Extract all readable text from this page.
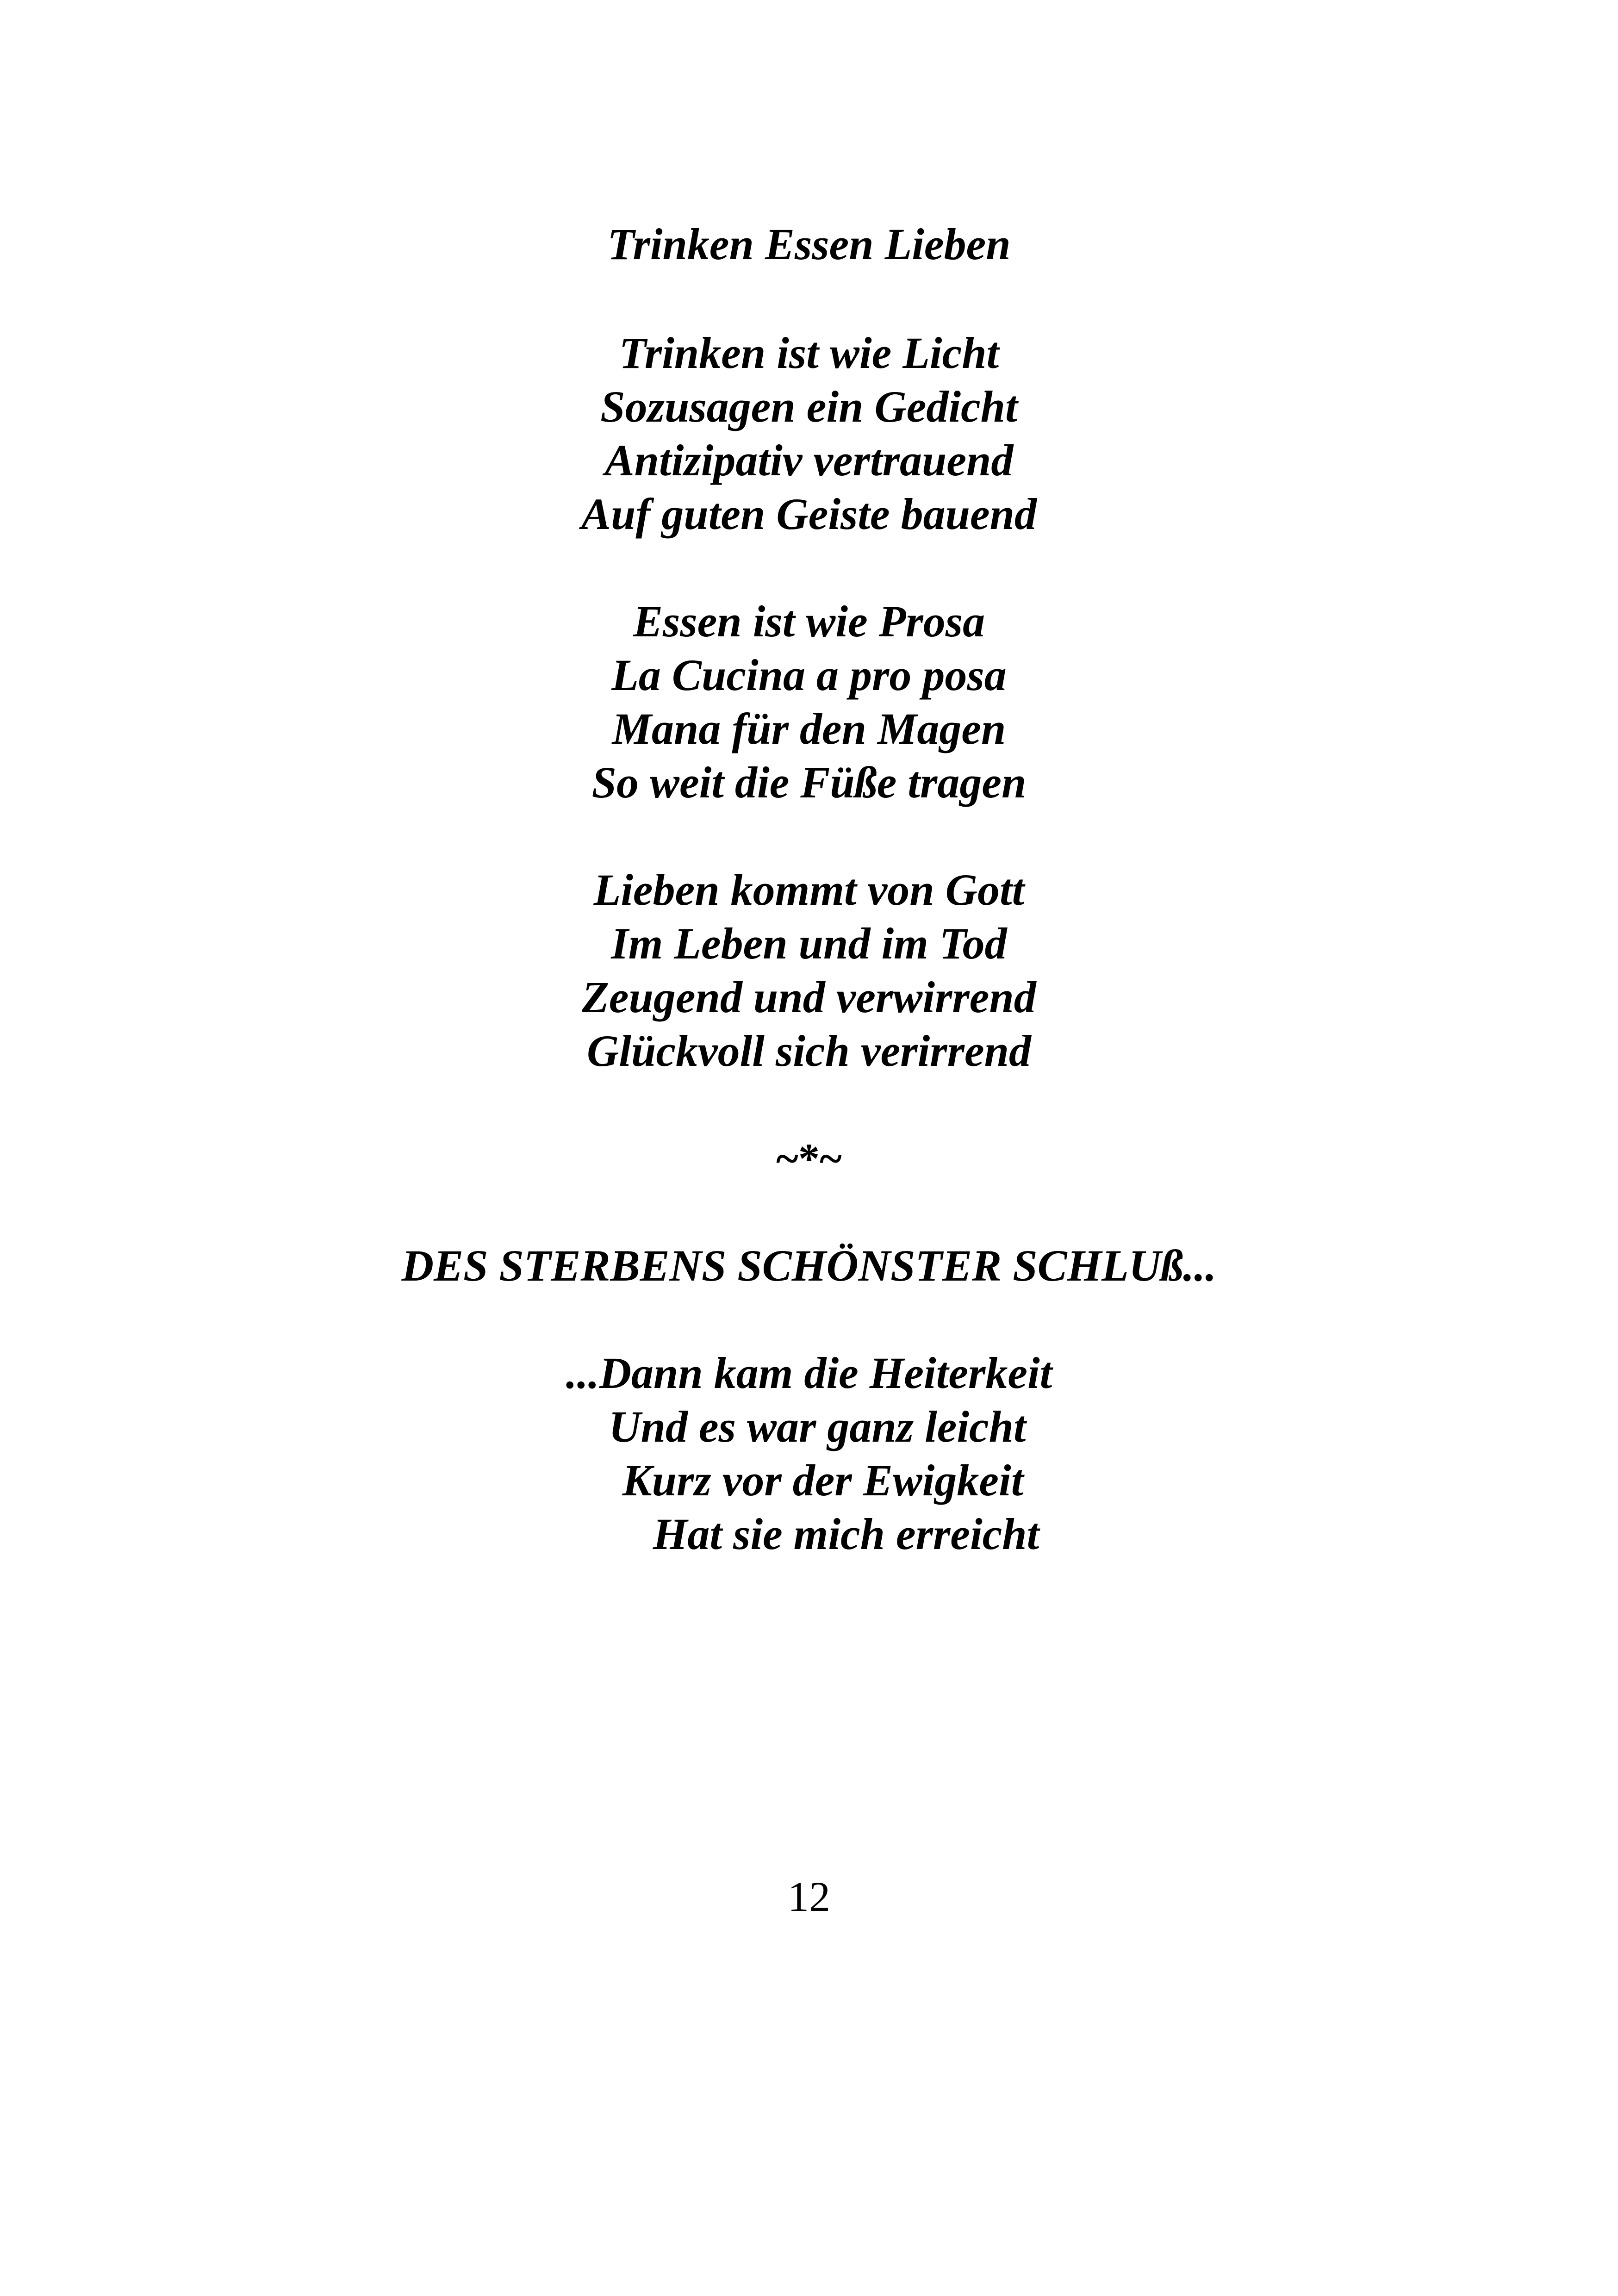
Trinken Essen Lieben
Trinken ist wie Licht
Sozusagen ein Gedicht
Antizipativ vertrauend
Auf guten Geiste bauend
Essen ist wie Prosa
La Cucina a pro posa
Mana für den Magen
So weit die Füße tragen
Lieben kommt von Gott
Im Leben und im Tod
Zeugend und verwirrend
Glückvoll sich verirrend
~*~
DES STERBENS SCHÖNSTER SCHLUß...
...Dann kam die Heiterkeit
Und es war ganz leicht
Kurz vor der Ewigkeit
Hat sie mich erreicht
12
